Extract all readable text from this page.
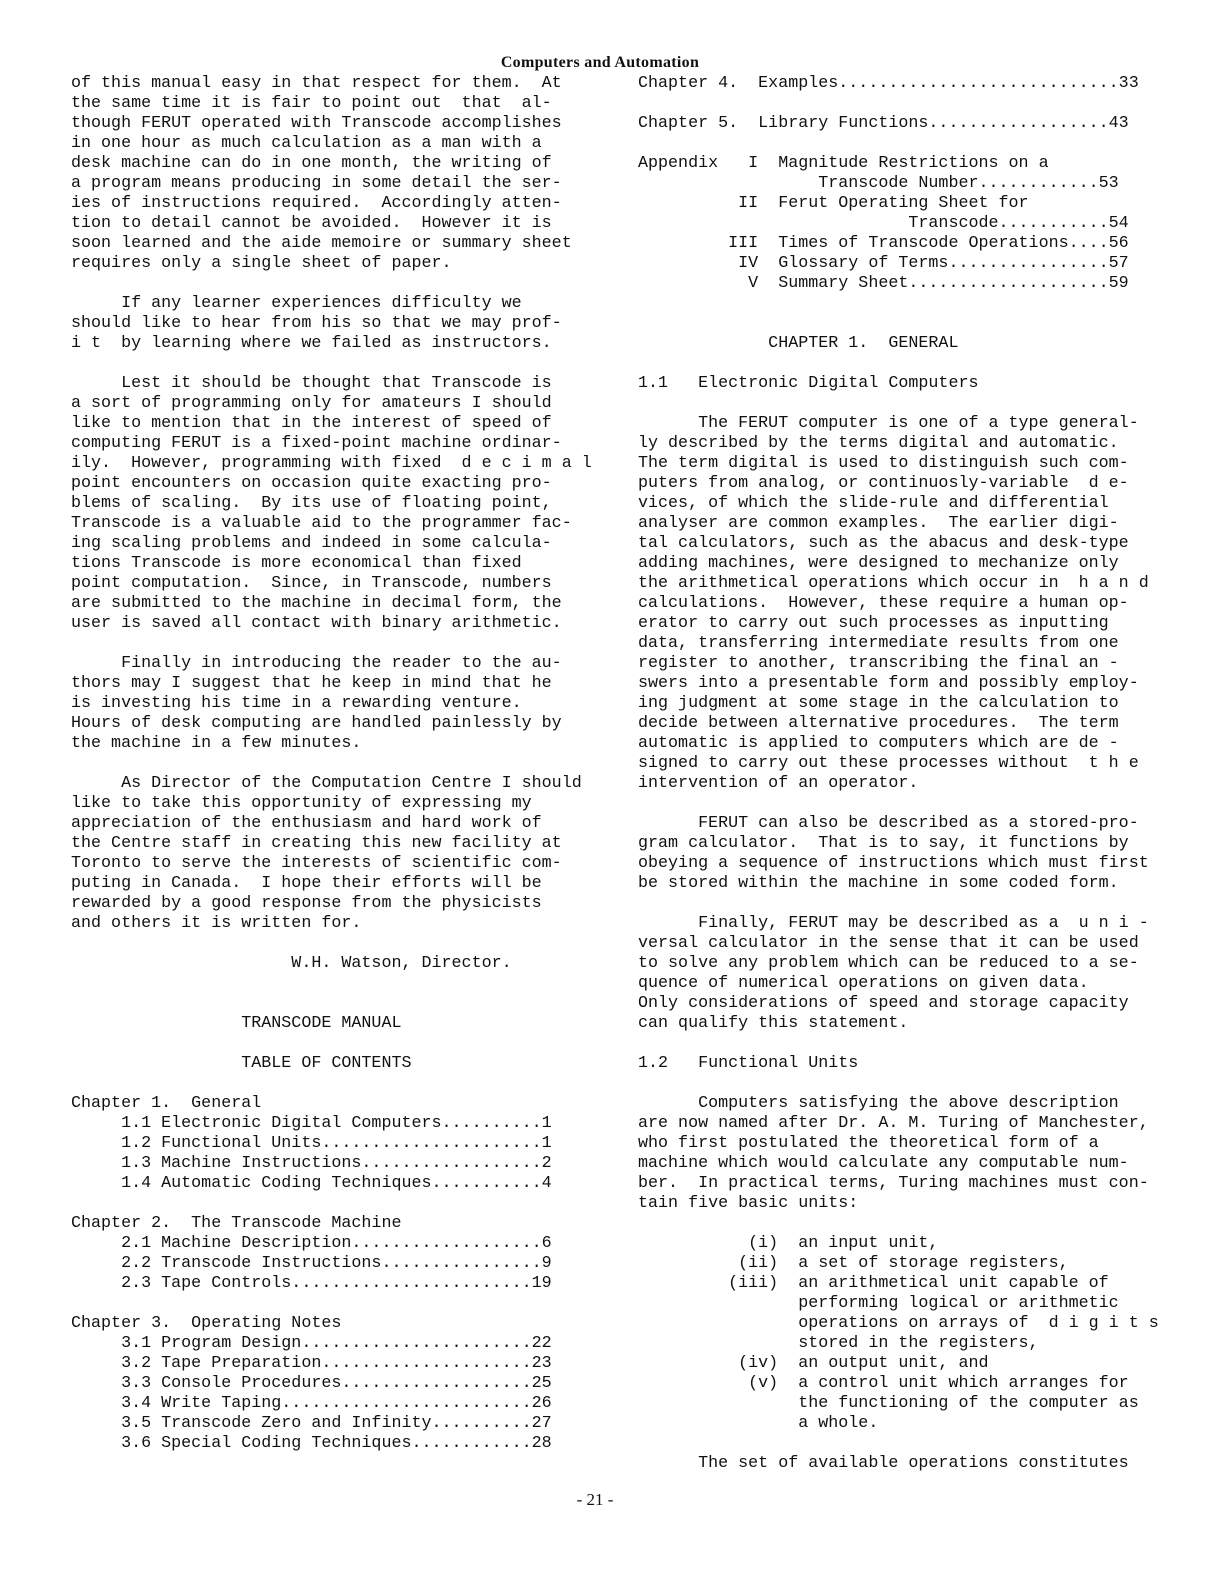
Computers and Automation
of this manual easy in that respect for them.  At
the same time it is fair to point out  that  al-
though FERUT operated with Transcode accomplishes
in one hour as much calculation as a man with a
desk machine can do in one month, the writing of
a program means producing in some detail the ser-
ies of instructions required.  Accordingly atten-
tion to detail cannot be avoided.  However it is
soon learned and the aide memoire or summary sheet
requires only a single sheet of paper.
If any learner experiences difficulty we
should like to hear from his so that we may prof-
i t  by learning where we failed as instructors.
Lest it should be thought that Transcode is
a sort of programming only for amateurs I should
like to mention that in the interest of speed of
computing FERUT is a fixed-point machine ordinar-
ily.  However, programming with fixed  d e c i m a l
point encounters on occasion quite exacting pro-
blems of scaling.  By its use of floating point,
Transcode is a valuable aid to the programmer fac-
ing scaling problems and indeed in some calcula-
tions Transcode is more economical than fixed
point computation.  Since, in Transcode, numbers
are submitted to the machine in decimal form, the
user is saved all contact with binary arithmetic.
Finally in introducing the reader to the au-
thors may I suggest that he keep in mind that he
is investing his time in a rewarding venture.
Hours of desk computing are handled painlessly by
the machine in a few minutes.
As Director of the Computation Centre I should
like to take this opportunity of expressing my
appreciation of the enthusiasm and hard work of
the Centre staff in creating this new facility at
Toronto to serve the interests of scientific com-
puting in Canada.  I hope their efforts will be
rewarded by a good response from the physicists
and others it is written for.
W.H. Watson, Director.
TRANSCODE MANUAL
TABLE OF CONTENTS
Chapter 1.  General
1.1 Electronic Digital Computers..........1
1.2 Functional Units......................1
1.3 Machine Instructions..................2
1.4 Automatic Coding Techniques...........4
Chapter 2.  The Transcode Machine
2.1 Machine Description...................6
2.2 Transcode Instructions................9
2.3 Tape Controls........................19
Chapter 3.  Operating Notes
3.1 Program Design.......................22
3.2 Tape Preparation.....................23
3.3 Console Procedures...................25
3.4 Write Taping.........................26
3.5 Transcode Zero and Infinity..........27
3.6 Special Coding Techniques............28
Chapter 4.  Examples............................33
Chapter 5.  Library Functions..................43
Appendix   I  Magnitude Restrictions on a
Transcode Number............53
II  Ferut Operating Sheet for
Transcode...........54
III  Times of Transcode Operations....56
IV  Glossary of Terms................57
V  Summary Sheet....................59
CHAPTER 1.  GENERAL
1.1   Electronic Digital Computers
The FERUT computer is one of a type general-
ly described by the terms digital and automatic.
The term digital is used to distinguish such com-
puters from analog, or continuosly-variable  d e-
vices, of which the slide-rule and differential
analyser are common examples.  The earlier digi-
tal calculators, such as the abacus and desk-type
adding machines, were designed to mechanize only
the arithmetical operations which occur in  h a n d
calculations.  However, these require a human op-
erator to carry out such processes as inputting
data, transferring intermediate results from one
register to another, transcribing the final an -
swers into a presentable form and possibly employ-
ing judgment at some stage in the calculation to
decide between alternative procedures.  The term
automatic is applied to computers which are de -
signed to carry out these processes without  t h e
intervention of an operator.
FERUT can also be described as a stored-pro-
gram calculator.  That is to say, it functions by
obeying a sequence of instructions which must first
be stored within the machine in some coded form.
Finally, FERUT may be described as a  u n i -
versal calculator in the sense that it can be used
to solve any problem which can be reduced to a se-
quence of numerical operations on given data.
Only considerations of speed and storage capacity
can qualify this statement.
1.2   Functional Units
Computers satisfying the above description
are now named after Dr. A. M. Turing of Manchester,
who first postulated the theoretical form of a
machine which would calculate any computable num-
ber.  In practical terms, Turing machines must con-
tain five basic units:
(i)  an input unit,
(ii)  a set of storage registers,
(iii)  an arithmetical unit capable of
performing logical or arithmetic
operations on arrays of  d i g i t s
stored in the registers,
(iv)  an output unit, and
(v)  a control unit which arranges for
the functioning of the computer as
a whole.
The set of available operations constitutes
- 21 -
